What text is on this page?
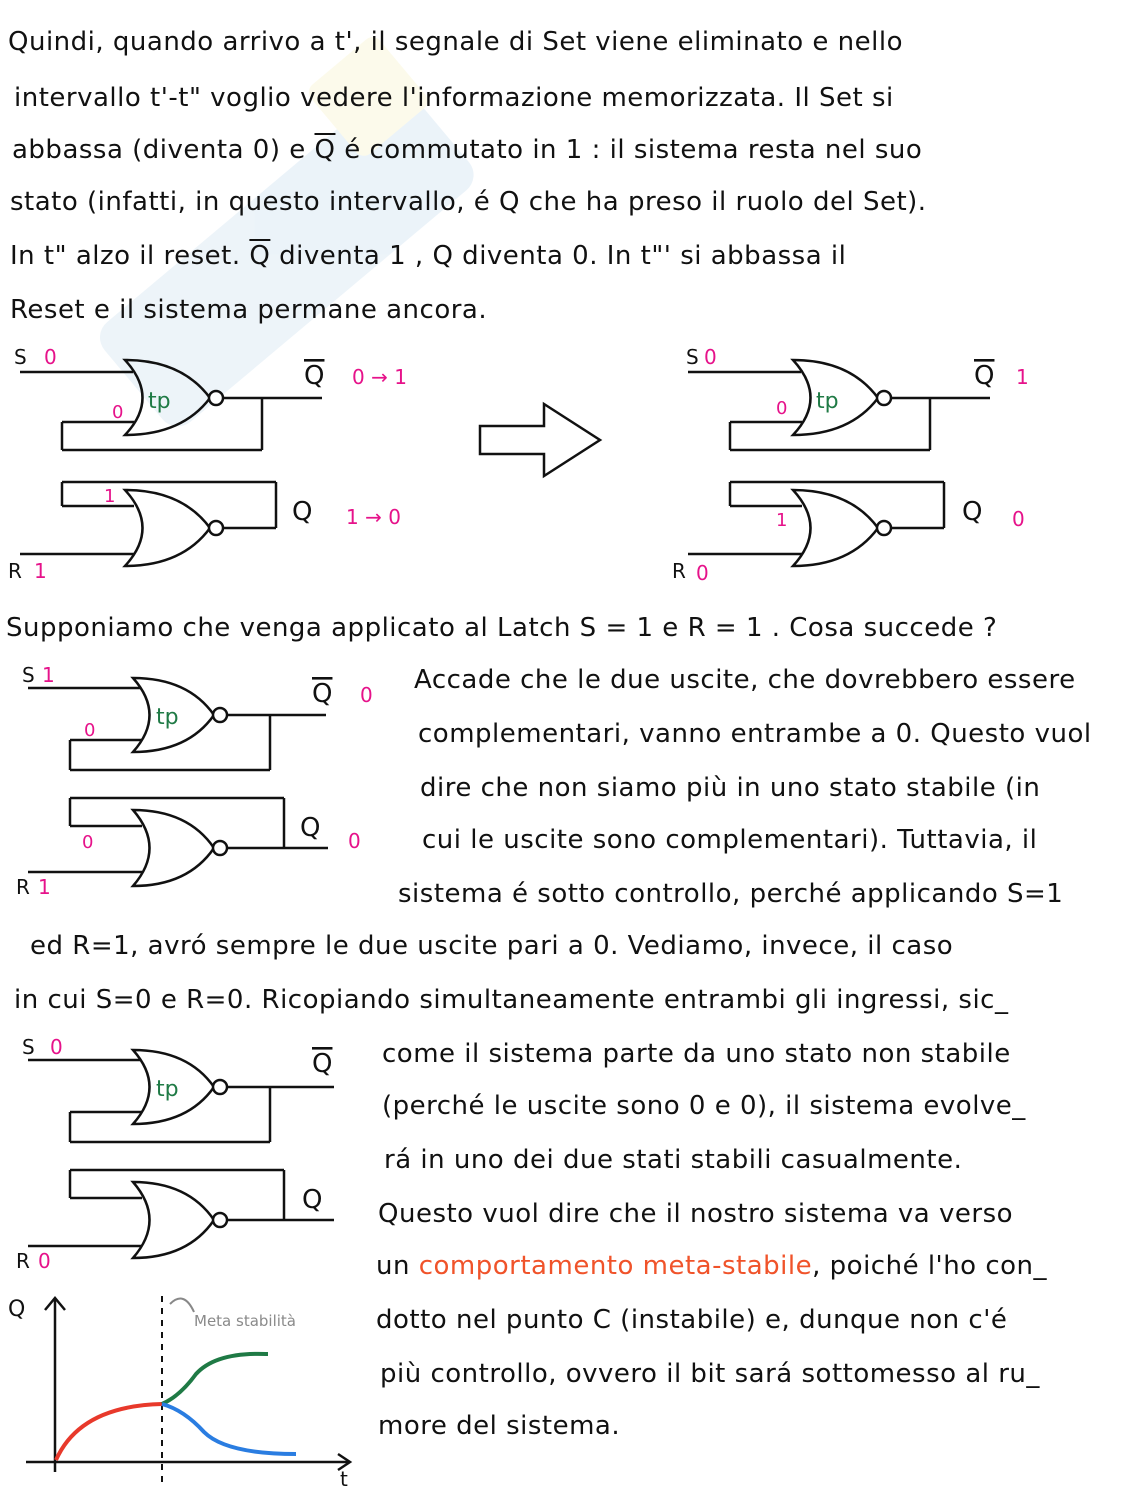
Quindi, quando arrivo a t', il segnale di Set viene eliminato e nello
intervallo t'-t" voglio vedere l'informazione memorizzata. Il Set si
abbassa (diventa 0) e $\overline{Q}$ é commutato in 1 : il sistema resta nel suo
stato (infatti, in questo intervallo, é Q che ha preso il ruolo del Set).
In t" alzo il reset. $\overline{Q}$ diventa 1 , Q diventa 0. In t"' si abbassa il
Reset e il sistema permane ancora.
S 0
0
1
tp
Q 0 → 1
Q 1 → 0
R 1
S 0
0
1
tp
Q 1
Q 0
R 0
Supponiamo che venga applicato al Latch S = 1 e R = 1 . Cosa succede ?
S 1
0
0
tp
Q 0
Q 0
R 1
Accade che le due uscite, che dovrebbero essere
complementari, vanno entrambe a 0. Questo vuol
dire che non siamo più in uno stato stabile (in
cui le uscite sono complementari). Tuttavia, il
sistema é sotto controllo, perché applicando S=1
ed R=1, avró sempre le due uscite pari a 0. Vediamo, invece, il caso
in cui S=0 e R=0. Ricopiando simultaneamente entrambi gli ingressi, sic_
come il sistema parte da uno stato non stabile
(perché le uscite sono 0 e 0), il sistema evolve_
rá in uno dei due stati stabili casualmente.
Questo vuol dire che il nostro sistema va verso
un comportamento meta-stabile, poiché l'ho con_
dotto nel punto C (instabile) e, dunque non c'é
più controllo, ovvero il bit sará sottomesso al ru_
more del sistema.
S 0
tp
Q
Q
R 0
Q
t
Meta stabilità
